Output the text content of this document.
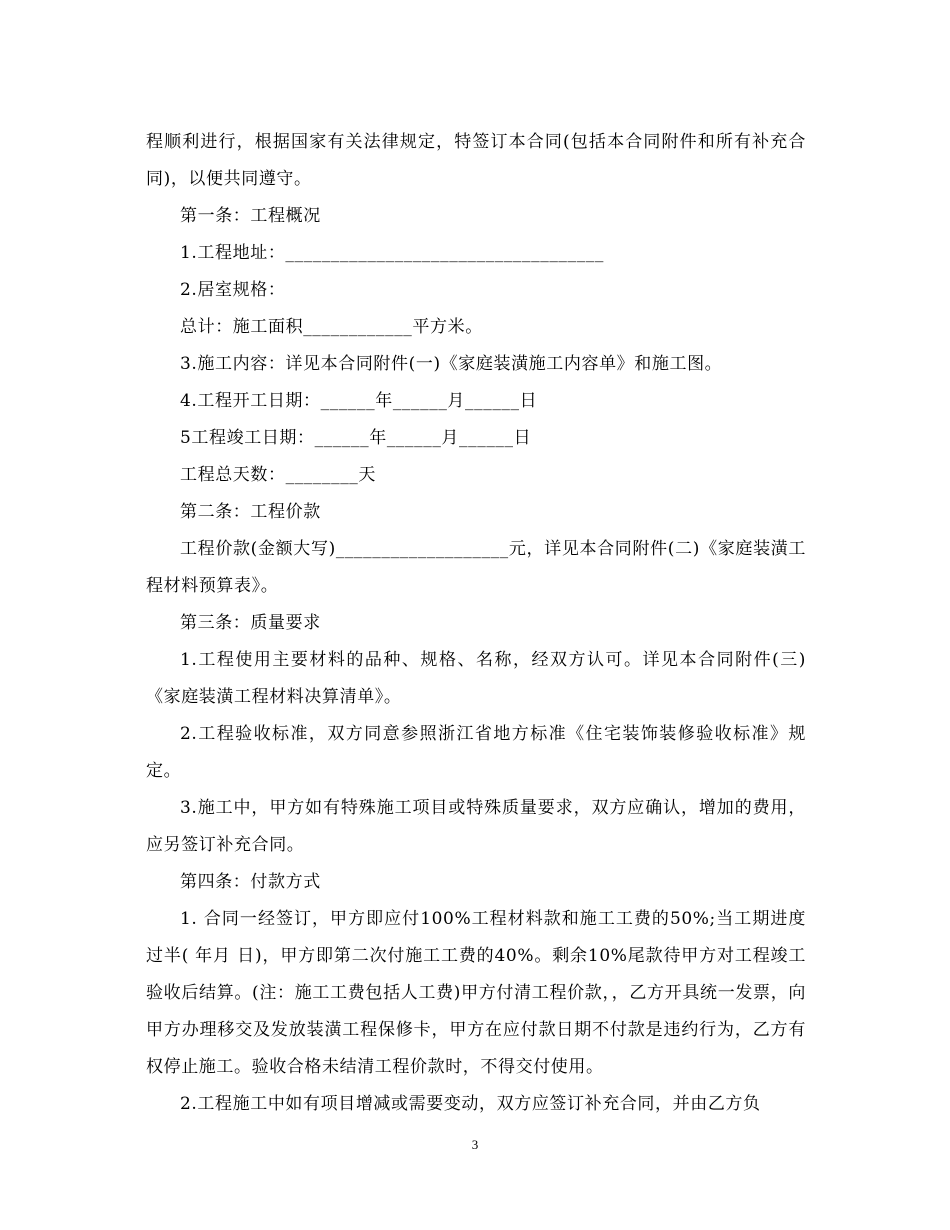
程顺利进行，根据国家有关法律规定，特签订本合同(包括本合同附件和所有补充合同)，以便共同遵守。

第一条：工程概况

1.工程地址：___________________________________

2.居室规格：

总计：施工面积____________平方米。

3.施工内容：详见本合同附件(一)《家庭装潢施工内容单》和施工图。

4.工程开工日期：______年______月______日

5工程竣工日期：______年______月______日

工程总天数：________天

第二条：工程价款

工程价款(金额大写)___________________元，详见本合同附件(二)《家庭装潢工程材料预算表》。

第三条：质量要求

1.工程使用主要材料的品种、规格、名称，经双方认可。详见本合同附件(三)《家庭装潢工程材料决算清单》。

2.工程验收标准，双方同意参照浙江省地方标准《住宅装饰装修验收标准》规定。

3.施工中，甲方如有特殊施工项目或特殊质量要求，双方应确认，增加的费用，应另签订补充合同。

第四条：付款方式

1. 合同一经签订，甲方即应付100%工程材料款和施工工费的50%;当工期进度过半( 年月 日)，甲方即第二次付施工工费的40%。剩余10%尾款待甲方对工程竣工验收后结算。(注：施工工费包括人工费)甲方付清工程价款，，乙方开具统一发票，向甲方办理移交及发放装潢工程保修卡，甲方在应付款日期不付款是违约行为，乙方有权停止施工。验收合格未结清工程价款时，不得交付使用。

2.工程施工中如有项目增减或需要变动，双方应签订补充合同，并由乙方负

3
